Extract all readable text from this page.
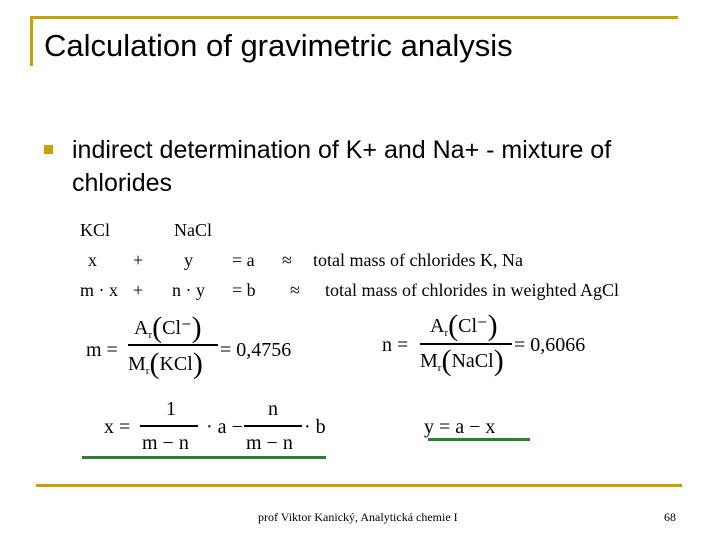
Calculation of gravimetric analysis
indirect determination of K+ and Na+ - mixture of chlorides
KCl	NaCl
x + y = a ≈ total mass of chlorides K, Na
m · x + n · y = b ≈ total mass of chlorides in weighted AgCl
m =
$A_r(Cl^-)$
$M_r(KCl) = 0,4756$	n =
$A_r(Cl^-)$
$M_r(NaCl) = 0,6066$
x =
1
m − n
· a −
n
m − n
· b	y = a − x
prof Viktor Kanický, Analytická chemie I	68
